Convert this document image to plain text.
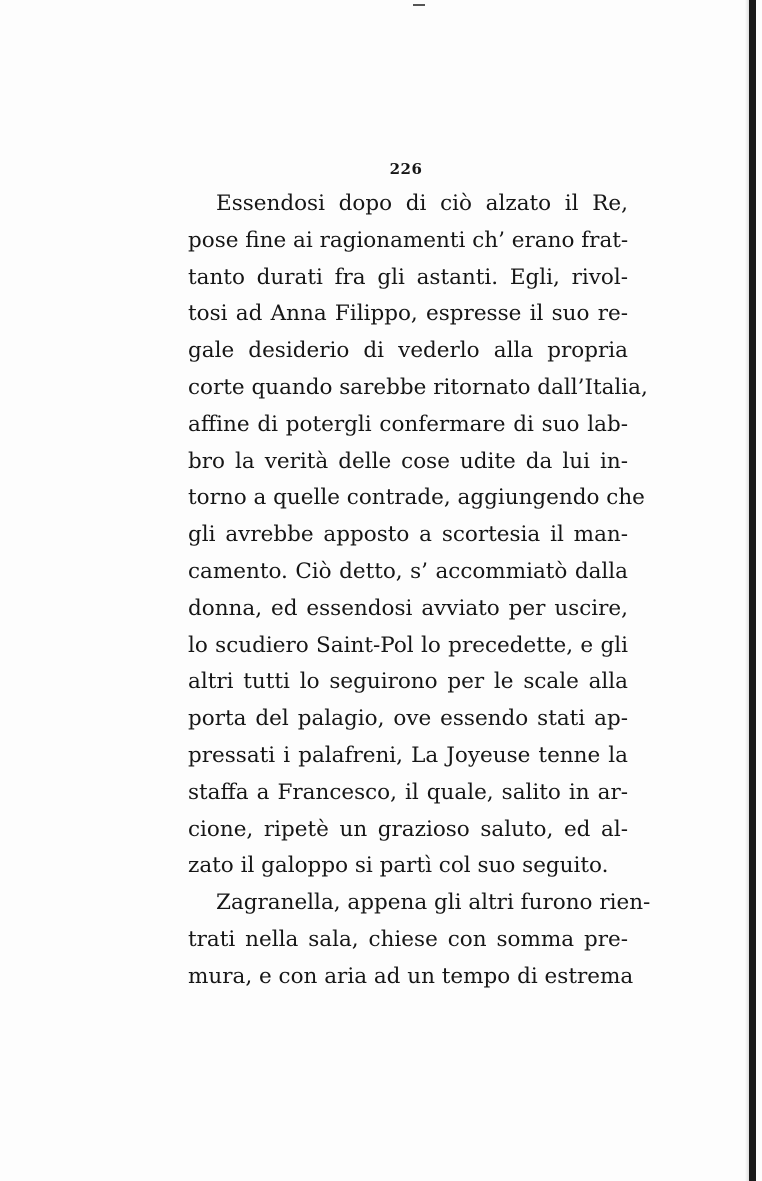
226
Essendosi dopo di ciò alzato il Re,
pose fine ai ragionamenti ch’ erano frat-
tanto durati fra gli astanti. Egli, rivol-
tosi ad Anna Filippo, espresse il suo re-
gale desiderio di vederlo alla propria
corte quando sarebbe ritornato dall’Italia,
affine di potergli confermare di suo lab-
bro la verità delle cose udite da lui in-
torno a quelle contrade, aggiungendo che
gli avrebbe apposto a scortesia il man-
camento. Ciò detto, s’ accommiatò dalla
donna, ed essendosi avviato per uscire,
lo scudiero Saint-Pol lo precedette, e gli
altri tutti lo seguirono per le scale alla
porta del palagio, ove essendo stati ap-
pressati i palafreni, La Joyeuse tenne la
staffa a Francesco, il quale, salito in ar-
cione, ripetè un grazioso saluto, ed al-
zato il galoppo si partì col suo seguito.
Zagranella, appena gli altri furono rien-
trati nella sala, chiese con somma pre-
mura, e con aria ad un tempo di estrema
